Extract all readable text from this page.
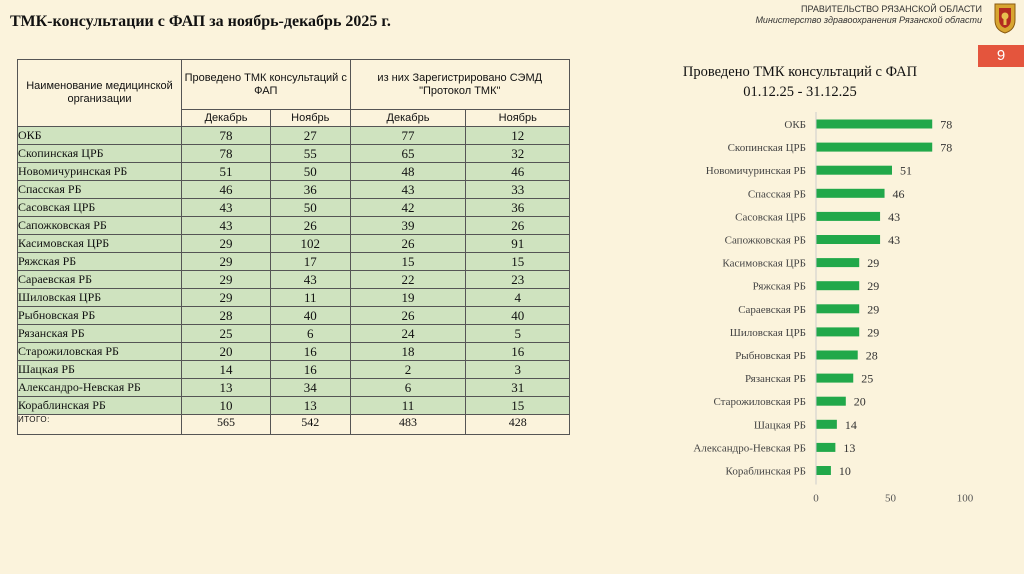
ТМК-консультации с ФАП за ноябрь-декабрь 2025 г.
ПРАВИТЕЛЬСТВО РЯЗАНСКОЙ ОБЛАСТИ
Министерство здравоохранения Рязанской области
9
Наименование медицинской организации	Проведено ТМК консультаций с ФАП		из них Зарегистрировано СЭМД "Протокол ТМК"	
	Декабрь	Ноябрь	Декабрь	Ноябрь
ОКБ	78	27	77	12
Скопинская ЦРБ	78	55	65	32
Новомичуринская РБ	51	50	48	46
Спасская РБ	46	36	43	33
Сасовская ЦРБ	43	50	42	36
Сапожковская РБ	43	26	39	26
Касимовская ЦРБ	29	102	26	91
Ряжская РБ	29	17	15	15
Сараевская РБ	29	43	22	23
Шиловская ЦРБ	29	11	19	4
Рыбновская РБ	28	40	26	40
Рязанская РБ	25	6	24	5
Старожиловская РБ	20	16	18	16
Шацкая РБ	14	16	2	3
Александро-Невская РБ	13	34	6	31
Кораблинская РБ	10	13	11	15
ИТОГО:	565	542	483	428
Проведено ТМК консультаций с ФАП
01.12.25 - 31.12.25
ОКБ	78
Скопинская ЦРБ	78
Новомичуринская РБ	51
Спасская РБ	46
Сасовская ЦРБ	43
Сапожковская РБ	43
Касимовская ЦРБ	29
Ряжская РБ	29
Сараевская РБ	29
Шиловская ЦРБ	29
Рыбновская РБ	28
Рязанская РБ	25
Старожиловская РБ	20
Шацкая РБ	14
Александро-Невская РБ	13
Кораблинская РБ	10
0	50	100
